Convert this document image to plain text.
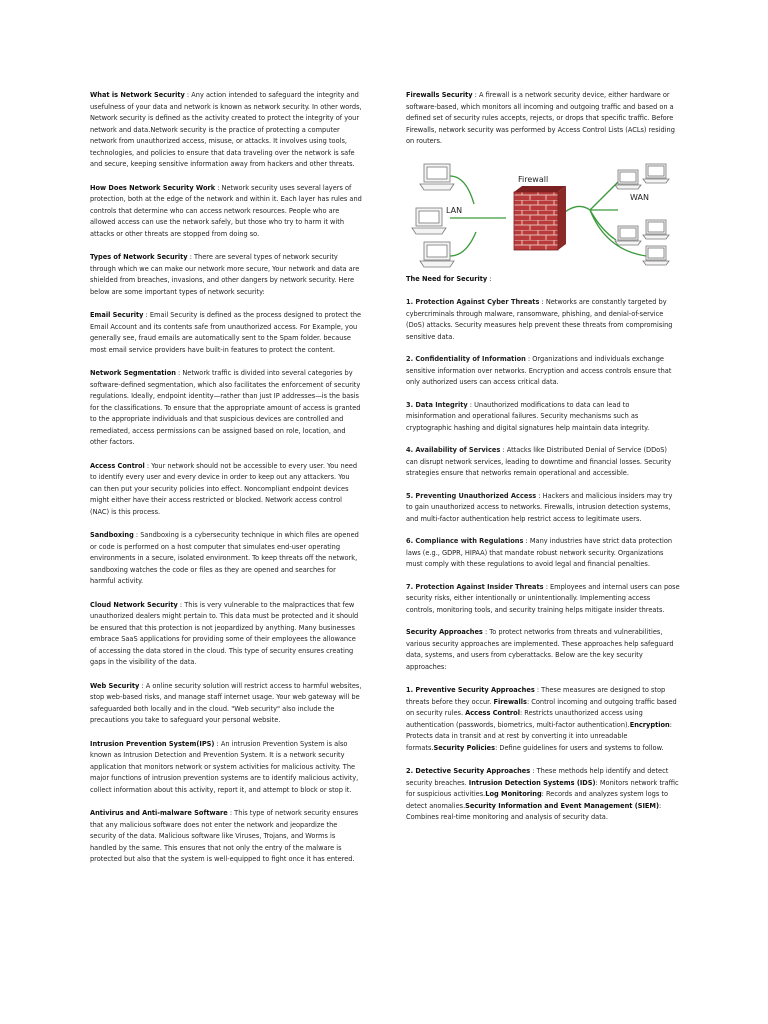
What is Network Security : Any action intended to safeguard the integrity and usefulness of your data and network is known as network security. In other words, Network security is defined as the activity created to protect the integrity of your network and data.Network security is the practice of protecting a computer network from unauthorized access, misuse, or attacks. It involves using tools, technologies, and policies to ensure that data traveling over the network is safe and secure, keeping sensitive information away from hackers and other threats.

How Does Network Security Work : Network security uses several layers of protection, both at the edge of the network and within it. Each layer has rules and controls that determine who can access network resources. People who are allowed access can use the network safely, but those who try to harm it with attacks or other threats are stopped from doing so.

Types of Network Security : There are several types of network security through which we can make our network more secure, Your network and data are shielded from breaches, invasions, and other dangers by network security. Here below are some important types of network security:

Email Security : Email Security is defined as the process designed to protect the Email Account and its contents safe from unauthorized access. For Example, you generally see, fraud emails are automatically sent to the Spam folder. because most email service providers have built-in features to protect the content.

Network Segmentation : Network traffic is divided into several categories by software-defined segmentation, which also facilitates the enforcement of security regulations. Ideally, endpoint identity—rather than just IP addresses—is the basis for the classifications. To ensure that the appropriate amount of access is granted to the appropriate individuals and that suspicious devices are controlled and remediated, access permissions can be assigned based on role, location, and other factors.

Access Control : Your network should not be accessible to every user. You need to identify every user and every device in order to keep out any attackers. You can then put your security policies into effect. Noncompliant endpoint devices might either have their access restricted or blocked. Network access control (NAC) is this process.

Sandboxing : Sandboxing is a cybersecurity technique in which files are opened or code is performed on a host computer that simulates end-user operating environments in a secure, isolated environment. To keep threats off the network, sandboxing watches the code or files as they are opened and searches for harmful activity.

Cloud Network Security : This is very vulnerable to the malpractices that few unauthorized dealers might pertain to. This data must be protected and it should be ensured that this protection is not jeopardized by anything. Many businesses embrace SaaS applications for providing some of their employees the allowance of accessing the data stored in the cloud. This type of security ensures creating gaps in the visibility of the data.

Web Security : A online security solution will restrict access to harmful websites, stop web-based risks, and manage staff internet usage. Your web gateway will be safeguarded both locally and in the cloud. "Web security" also include the precautions you take to safeguard your personal website.

Intrusion Prevention System(IPS) : An intrusion Prevention System is also known as Intrusion Detection and Prevention System. It is a network security application that monitors network or system activities for malicious activity. The major functions of intrusion prevention systems are to identify malicious activity, collect information about this activity, report it, and attempt to block or stop it.

Antivirus and Anti-malware Software : This type of network security ensures that any malicious software does not enter the network and jeopardize the security of the data. Malicious software like Viruses, Trojans, and Worms is handled by the same. This ensures that not only the entry of the malware is protected but also that the system is well-equipped to fight once it has entered.

Firewalls Security : A firewall is a network security device, either hardware or software-based, which monitors all incoming and outgoing traffic and based on a defined set of security rules accepts, rejects, or drops that specific traffic. Before Firewalls, network security was performed by Access Control Lists (ACLs) residing on routers.

Firewall
LAN
WAN

The Need for Security :

1. Protection Against Cyber Threats : Networks are constantly targeted by cybercriminals through malware, ransomware, phishing, and denial-of-service (DoS) attacks. Security measures help prevent these threats from compromising sensitive data.

2. Confidentiality of Information : Organizations and individuals exchange sensitive information over networks. Encryption and access controls ensure that only authorized users can access critical data.

3. Data Integrity : Unauthorized modifications to data can lead to misinformation and operational failures. Security mechanisms such as cryptographic hashing and digital signatures help maintain data integrity.

4. Availability of Services : Attacks like Distributed Denial of Service (DDoS) can disrupt network services, leading to downtime and financial losses. Security strategies ensure that networks remain operational and accessible.

5. Preventing Unauthorized Access : Hackers and malicious insiders may try to gain unauthorized access to networks. Firewalls, intrusion detection systems, and multi-factor authentication help restrict access to legitimate users.

6. Compliance with Regulations : Many industries have strict data protection laws (e.g., GDPR, HIPAA) that mandate robust network security. Organizations must comply with these regulations to avoid legal and financial penalties.

7. Protection Against Insider Threats : Employees and internal users can pose security risks, either intentionally or unintentionally. Implementing access controls, monitoring tools, and security training helps mitigate insider threats.

Security Approaches : To protect networks from threats and vulnerabilities, various security approaches are implemented. These approaches help safeguard data, systems, and users from cyberattacks. Below are the key security approaches:

1. Preventive Security Approaches : These measures are designed to stop threats before they occur. Firewalls: Control incoming and outgoing traffic based on security rules. Access Control: Restricts unauthorized access using authentication (passwords, biometrics, multi-factor authentication).Encryption: Protects data in transit and at rest by converting it into unreadable formats.Security Policies: Define guidelines for users and systems to follow.

2. Detective Security Approaches : These methods help identify and detect security breaches. Intrusion Detection Systems (IDS): Monitors network traffic for suspicious activities.Log Monitoring: Records and analyzes system logs to detect anomalies.Security Information and Event Management (SIEM): Combines real-time monitoring and analysis of security data.
